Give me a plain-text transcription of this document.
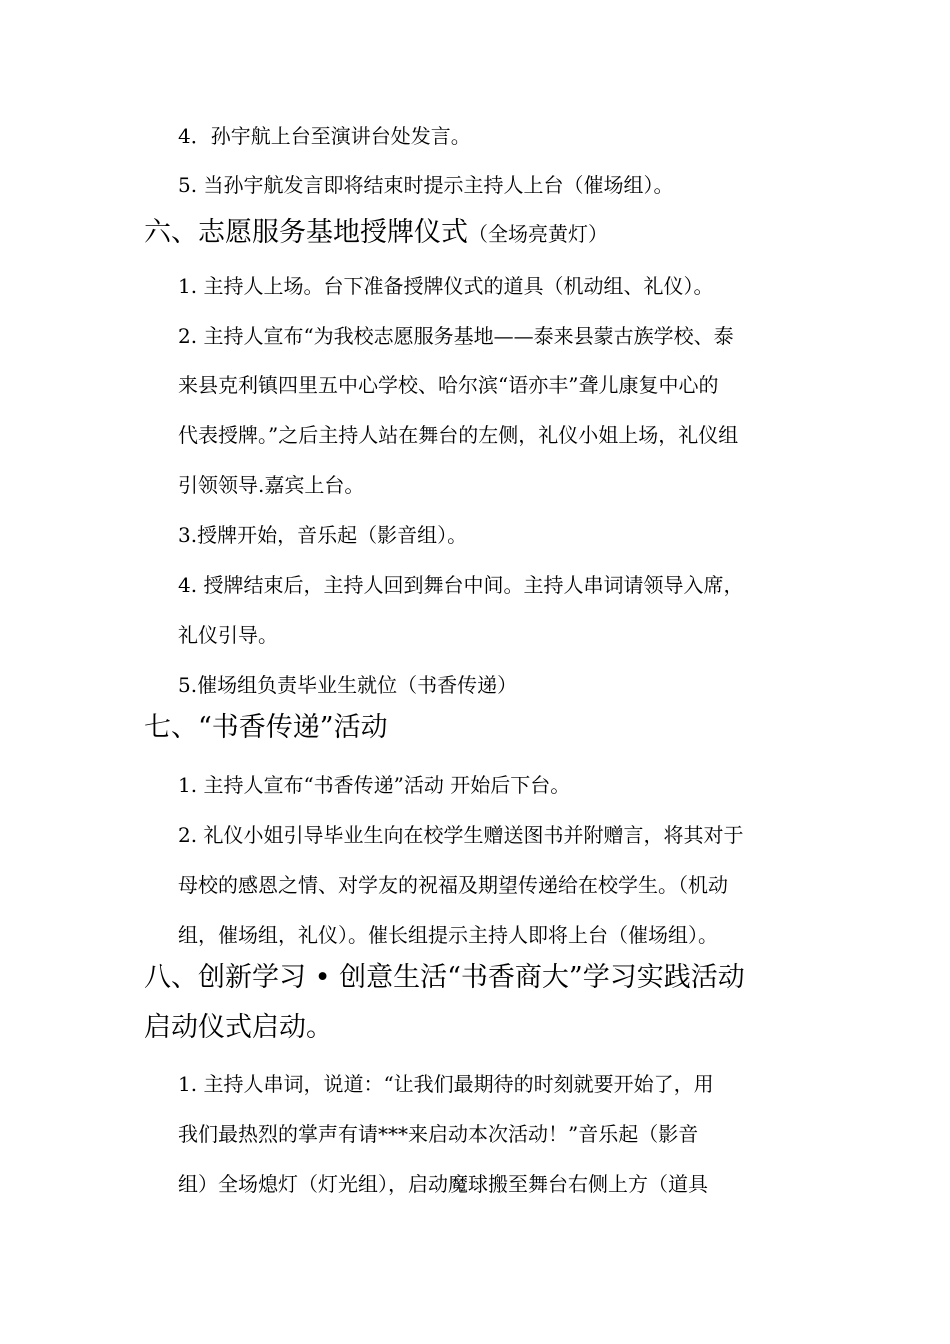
4．孙宇航上台至演讲台处发言。
5. 当孙宇航发言即将结束时提示主持人上台（催场组）。
六、志愿服务基地授牌仪式（全场亮黄灯）
1. 主持人上场。台下准备授牌仪式的道具（机动组、礼仪）。
2. 主持人宣布“为我校志愿服务基地——泰来县蒙古族学校、泰
来县克利镇四里五中心学校、哈尔滨“语亦丰”聋儿康复中心的
代表授牌。”之后主持人站在舞台的左侧，礼仪小姐上场，礼仪组
引领领导.嘉宾上台。
3.授牌开始，音乐起（影音组）。
4. 授牌结束后，主持人回到舞台中间。主持人串词请领导入席，
礼仪引导。
5.催场组负责毕业生就位（书香传递）
七、“书香传递”活动
1. 主持人宣布“书香传递”活动 开始后下台。
2. 礼仪小姐引导毕业生向在校学生赠送图书并附赠言，将其对于
母校的感恩之情、对学友的祝福及期望传递给在校学生。（机动
组，催场组，礼仪）。催长组提示主持人即将上台（催场组）。
八、创新学习 • 创意生活“书香商大”学习实践活动
启动仪式启动。
1. 主持人串词，说道：“让我们最期待的时刻就要开始了，用
我们最热烈的掌声有请***来启动本次活动！”音乐起（影音
组）全场熄灯（灯光组），启动魔球搬至舞台右侧上方（道具
